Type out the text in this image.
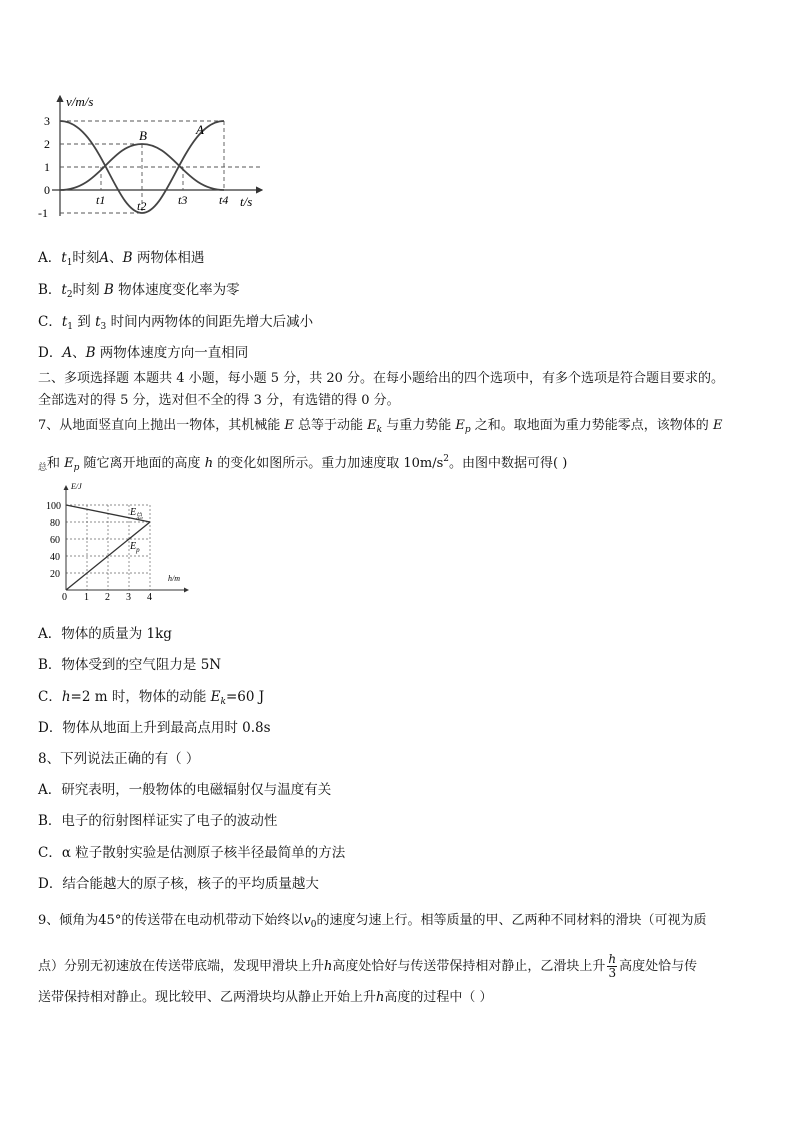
v/m/s
t/s
3
2
1
0
-1
t1	t2	t3	t4
A
B
A．$t_1$时刻A、B 两物体相遇
B．$t_2$时刻 B 物体速度变化率为零
C．$t_1$ 到 $t_3$ 时间内两物体的间距先增大后减小
D．A、B 两物体速度方向一直相同
二、多项选择题 本题共 4 小题，每小题 5 分，共 20 分。在每小题给出的四个选项中，有多个选项是符合题目要求的。
全部选对的得 5 分，选对但不全的得 3 分，有选错的得 0 分。
7、从地面竖直向上抛出一物体，其机械能 E 总等于动能 $E_k$ 与重力势能 $E_p$ 之和。取地面为重力势能零点，该物体的 E
$_总$和 $E_p$ 随它离开地面的高度 h 的变化如图所示。重力加速度取 $10m/s^2$。由图中数据可得( )
E/J
h/m
100
80
60
40
20
0 1 2 3 4
$E_总$
$E_p$
A．物体的质量为 1kg
B．物体受到的空气阻力是 5N
C．h=2 m 时，物体的动能 $E_k=60$ J
D．物体从地面上升到最高点用时 0.8s
8、下列说法正确的有（ ）
A．研究表明，一般物体的电磁辐射仅与温度有关
B．电子的衍射图样证实了电子的波动性
C．α 粒子散射实验是估测原子核半径最简单的方法
D．结合能越大的原子核，核子的平均质量越大
9、倾角为45°的传送带在电动机带动下始终以$v_0$的速度匀速上行。相等质量的甲、乙两种不同材料的滑块（可视为质
点）分别无初速放在传送带底端，发现甲滑块上升h高度处恰好与传送带保持相对静止，乙滑块上升 $\frac{h}{3}$ 高度处恰与传
送带保持相对静止。现比较甲、乙两滑块均从静止开始上升h高度的过程中（ ）
